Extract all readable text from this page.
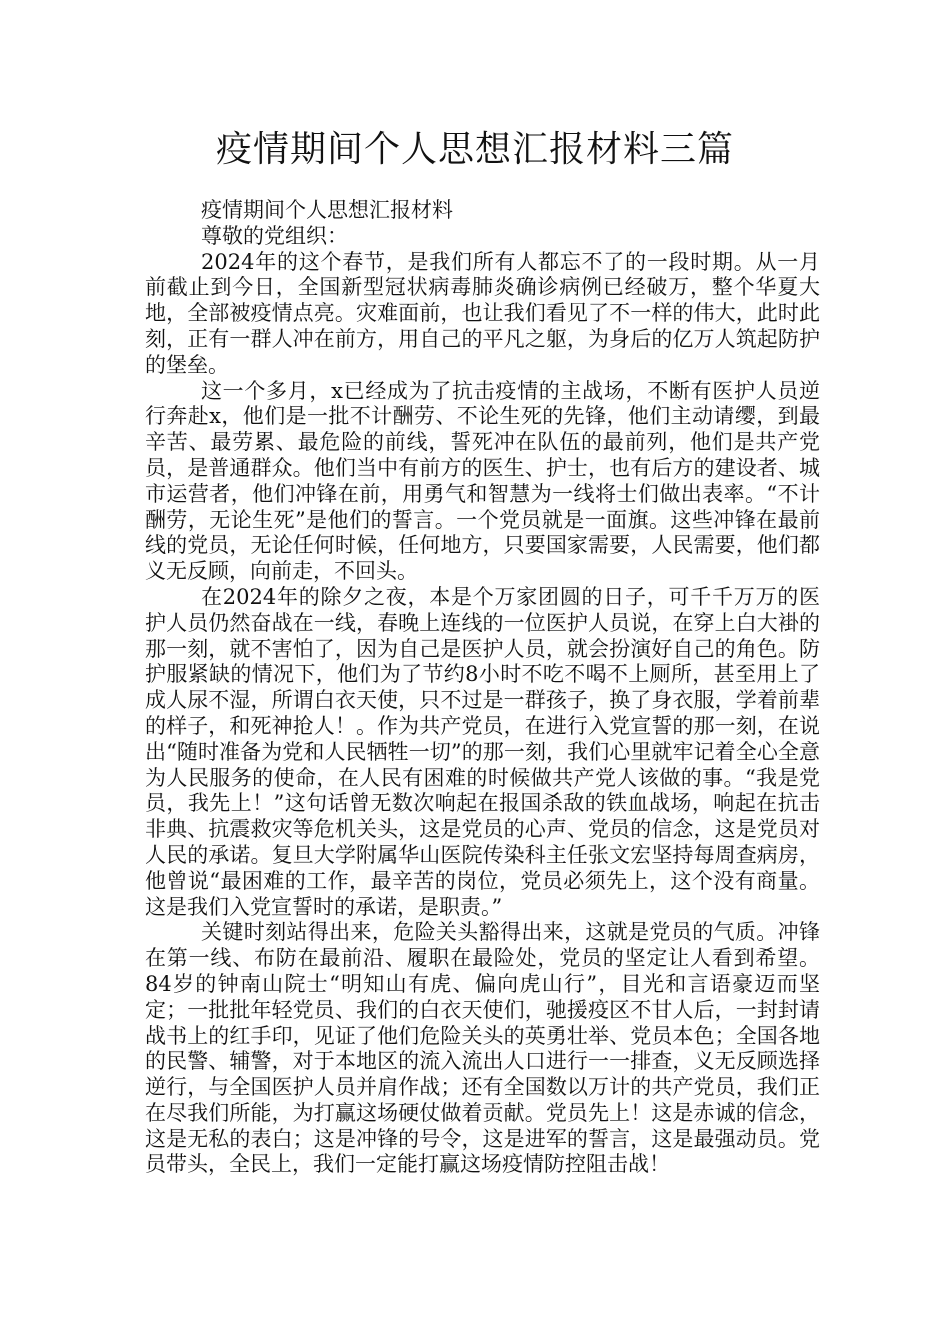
疫情期间个人思想汇报材料三篇

疫情期间个人思想汇报材料

尊敬的党组织：

2024年的这个春节，是我们所有人都忘不了的一段时期。从一月前截止到今日，全国新型冠状病毒肺炎确诊病例已经破万，整个华夏大地，全部被疫情点亮。灾难面前，也让我们看见了不一样的伟大，此时此刻，正有一群人冲在前方，用自己的平凡之躯，为身后的亿万人筑起防护的堡垒。

这一个多月，x已经成为了抗击疫情的主战场，不断有医护人员逆行奔赴x，他们是一批不计酬劳、不论生死的先锋，他们主动请缨，到最辛苦、最劳累、最危险的前线，誓死冲在队伍的最前列，他们是共产党员，是普通群众。他们当中有前方的医生、护士，也有后方的建设者、城市运营者，他们冲锋在前，用勇气和智慧为一线将士们做出表率。“不计酬劳，无论生死”是他们的誓言。一个党员就是一面旗。这些冲锋在最前线的党员，无论任何时候，任何地方，只要国家需要，人民需要，他们都义无反顾，向前走，不回头。

在2024年的除夕之夜，本是个万家团圆的日子，可千千万万的医护人员仍然奋战在一线，春晚上连线的一位医护人员说，在穿上白大褂的那一刻，就不害怕了，因为自己是医护人员，就会扮演好自己的角色。防护服紧缺的情况下，他们为了节约8小时不吃不喝不上厕所，甚至用上了成人尿不湿，所谓白衣天使，只不过是一群孩子，换了身衣服，学着前辈的样子，和死神抢人！。作为共产党员，在进行入党宣誓的那一刻，在说出“随时准备为党和人民牺牲一切”的那一刻，我们心里就牢记着全心全意为人民服务的使命，在人民有困难的时候做共产党人该做的事。“我是党员，我先上！”这句话曾无数次响起在报国杀敌的铁血战场，响起在抗击非典、抗震救灾等危机关头，这是党员的心声、党员的信念，这是党员对人民的承诺。复旦大学附属华山医院传染科主任张文宏坚持每周查病房，他曾说“最困难的工作，最辛苦的岗位，党员必须先上，这个没有商量。这是我们入党宣誓时的承诺，是职责。”

关键时刻站得出来，危险关头豁得出来，这就是党员的气质。冲锋在第一线、布防在最前沿、履职在最险处，党员的坚定让人看到希望。84岁的钟南山院士“明知山有虎、偏向虎山行”，目光和言语豪迈而坚定；一批批年轻党员、我们的白衣天使们，驰援疫区不甘人后，一封封请战书上的红手印，见证了他们危险关头的英勇壮举、党员本色；全国各地的民警、辅警，对于本地区的流入流出人口进行一一排查，义无反顾选择逆行，与全国医护人员并肩作战；还有全国数以万计的共产党员，我们正在尽我们所能，为打赢这场硬仗做着贡献。党员先上！这是赤诚的信念，这是无私的表白；这是冲锋的号令，这是进军的誓言，这是最强动员。党员带头，全民上，我们一定能打赢这场疫情防控阻击战！
